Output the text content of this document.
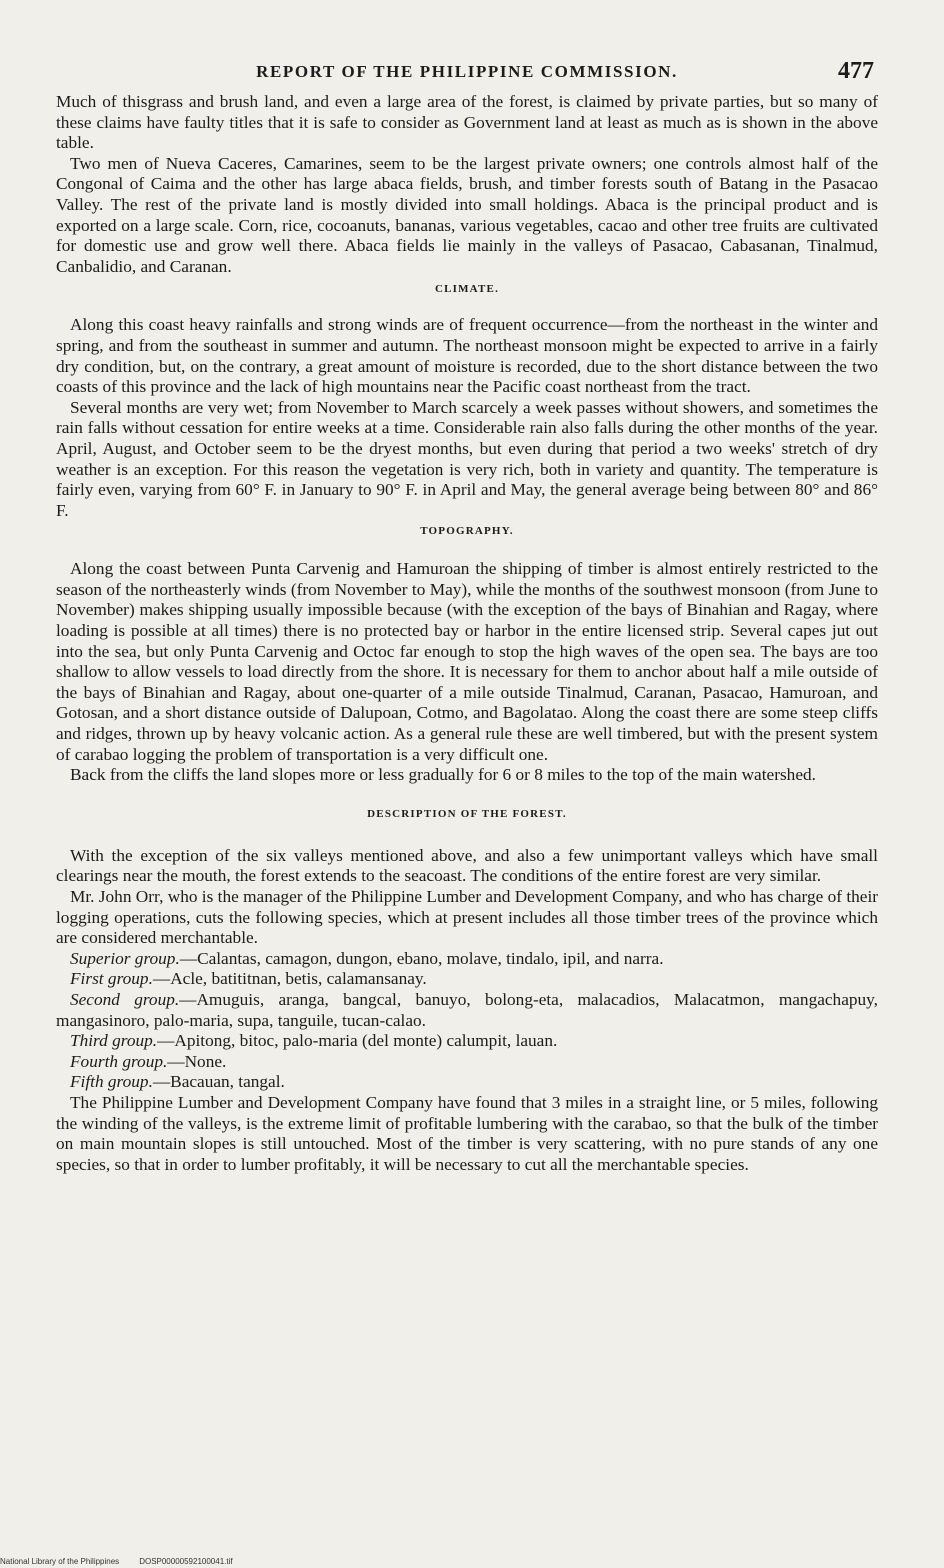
REPORT OF THE PHILIPPINE COMMISSION.	477

Much of thisgrass and brush land, and even a large area of the forest, is claimed by private parties, but so many of these claims have faulty titles that it is safe to consider as Government land at least as much as is shown in the above table.

Two men of Nueva Caceres, Camarines, seem to be the largest private owners; one controls almost half of the Congonal of Caima and the other has large abaca fields, brush, and timber forests south of Batang in the Pasacao Valley. The rest of the private land is mostly divided into small holdings. Abaca is the principal product and is exported on a large scale. Corn, rice, cocoanuts, bananas, various vegetables, cacao and other tree fruits are cultivated for domestic use and grow well there. Abaca fields lie mainly in the valleys of Pasacao, Cabasanan, Tinalmud, Canbalidio, and Caranan.

CLIMATE.

Along this coast heavy rainfalls and strong winds are of frequent occurrence—from the northeast in the winter and spring, and from the southeast in summer and autumn. The northeast monsoon might be expected to arrive in a fairly dry condition, but, on the contrary, a great amount of moisture is recorded, due to the short distance between the two coasts of this province and the lack of high mountains near the Pacific coast northeast from the tract.

Several months are very wet; from November to March scarcely a week passes without showers, and sometimes the rain falls without cessation for entire weeks at a time. Considerable rain also falls during the other months of the year. April, August, and October seem to be the dryest months, but even during that period a two weeks' stretch of dry weather is an exception. For this reason the vegetation is very rich, both in variety and quantity. The temperature is fairly even, varying from 60° F. in January to 90° F. in April and May, the general average being between 80° and 86° F.

TOPOGRAPHY.

Along the coast between Punta Carvenig and Hamuroan the shipping of timber is almost entirely restricted to the season of the northeasterly winds (from November to May), while the months of the southwest monsoon (from June to November) makes shipping usually impossible because (with the exception of the bays of Binahian and Ragay, where loading is possible at all times) there is no protected bay or harbor in the entire licensed strip. Several capes jut out into the sea, but only Punta Carvenig and Octoc far enough to stop the high waves of the open sea. The bays are too shallow to allow vessels to load directly from the shore. It is necessary for them to anchor about half a mile outside of the bays of Binahian and Ragay, about one-quarter of a mile outside Tinalmud, Caranan, Pasacao, Hamuroan, and Gotosan, and a short distance outside of Dalupoan, Cotmo, and Bagolatao. Along the coast there are some steep cliffs and ridges, thrown up by heavy volcanic action. As a general rule these are well timbered, but with the present system of carabao logging the problem of transportation is a very difficult one.

Back from the cliffs the land slopes more or less gradually for 6 or 8 miles to the top of the main watershed.

DESCRIPTION OF THE FOREST.

With the exception of the six valleys mentioned above, and also a few unimportant valleys which have small clearings near the mouth, the forest extends to the seacoast. The conditions of the entire forest are very similar.

Mr. John Orr, who is the manager of the Philippine Lumber and Development Company, and who has charge of their logging operations, cuts the following species, which at present includes all those timber trees of the province which are considered merchantable.

Superior group.—Calantas, camagon, dungon, ebano, molave, tindalo, ipil, and narra.

First group.—Acle, batititnan, betis, calamansanay.

Second group.—Amuguis, aranga, bangcal, banuyo, bolong-eta, malacadios, Malacatmon, mangachapuy, mangasinoro, palo-maria, supa, tanguile, tucan-calao.

Third group.—Apitong, bitoc, palo-maria (del monte) calumpit, lauan.

Fourth group.—None.

Fifth group.—Bacauan, tangal.

The Philippine Lumber and Development Company have found that 3 miles in a straight line, or 5 miles, following the winding of the valleys, is the extreme limit of profitable lumbering with the carabao, so that the bulk of the timber on main mountain slopes is still untouched. Most of the timber is very scattering, with no pure stands of any one species, so that in order to lumber profitably, it will be necessary to cut all the merchantable species.

National Library of the Philippines	DOSP00000592100041.tif
